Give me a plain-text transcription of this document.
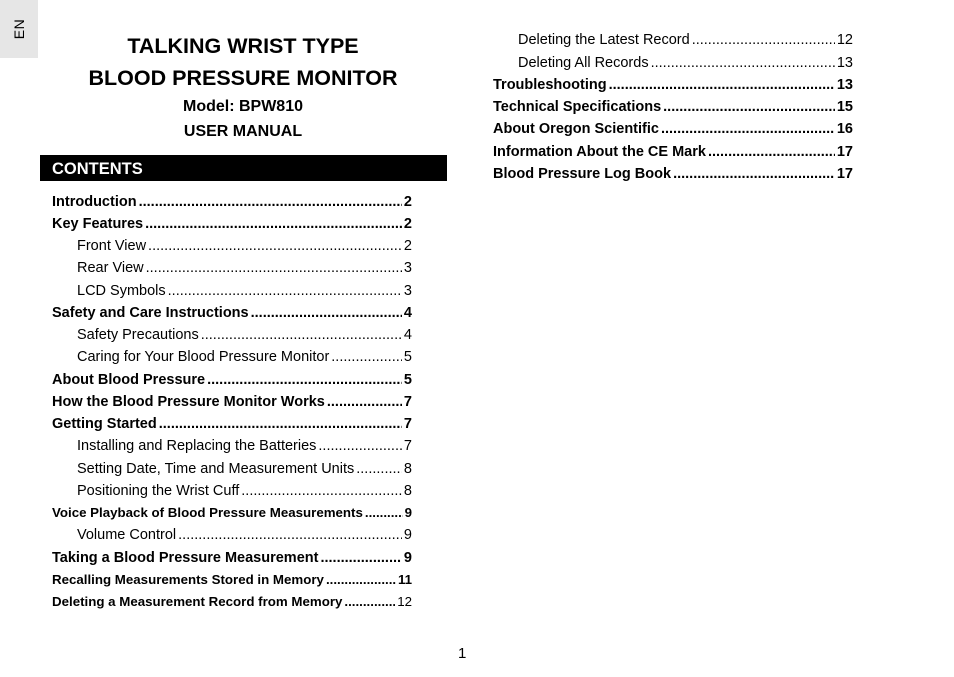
EN
TALKING WRIST TYPE
BLOOD PRESSURE MONITOR
Model: BPW810
USER MANUAL
CONTENTS
Introduction .....	2
Key Features .....	2
Front View .....	2
Rear View .....	3
LCD Symbols .....	3
Safety and Care Instructions .....	4
Safety Precautions .....	4
Caring for Your Blood Pressure Monitor .....	5
About Blood Pressure .....	5
How the Blood Pressure Monitor Works .....	7
Getting Started .....	7
Installing and Replacing the Batteries .....	7
Setting Date, Time and Measurement Units .....	8
Positioning the Wrist Cuff .....	8
Voice Playback of Blood Pressure Measurements .....	9
Volume Control .....	9
Taking a Blood Pressure Measurement .....	9
Recalling Measurements Stored in Memory .....	11
Deleting a Measurement Record from Memory .....	12
Deleting the Latest Record .....	12
Deleting All Records .....	13
Troubleshooting .....	13
Technical Specifications .....	15
About Oregon Scientific .....	16
Information About the CE Mark .....	17
Blood Pressure Log Book .....	17
1
